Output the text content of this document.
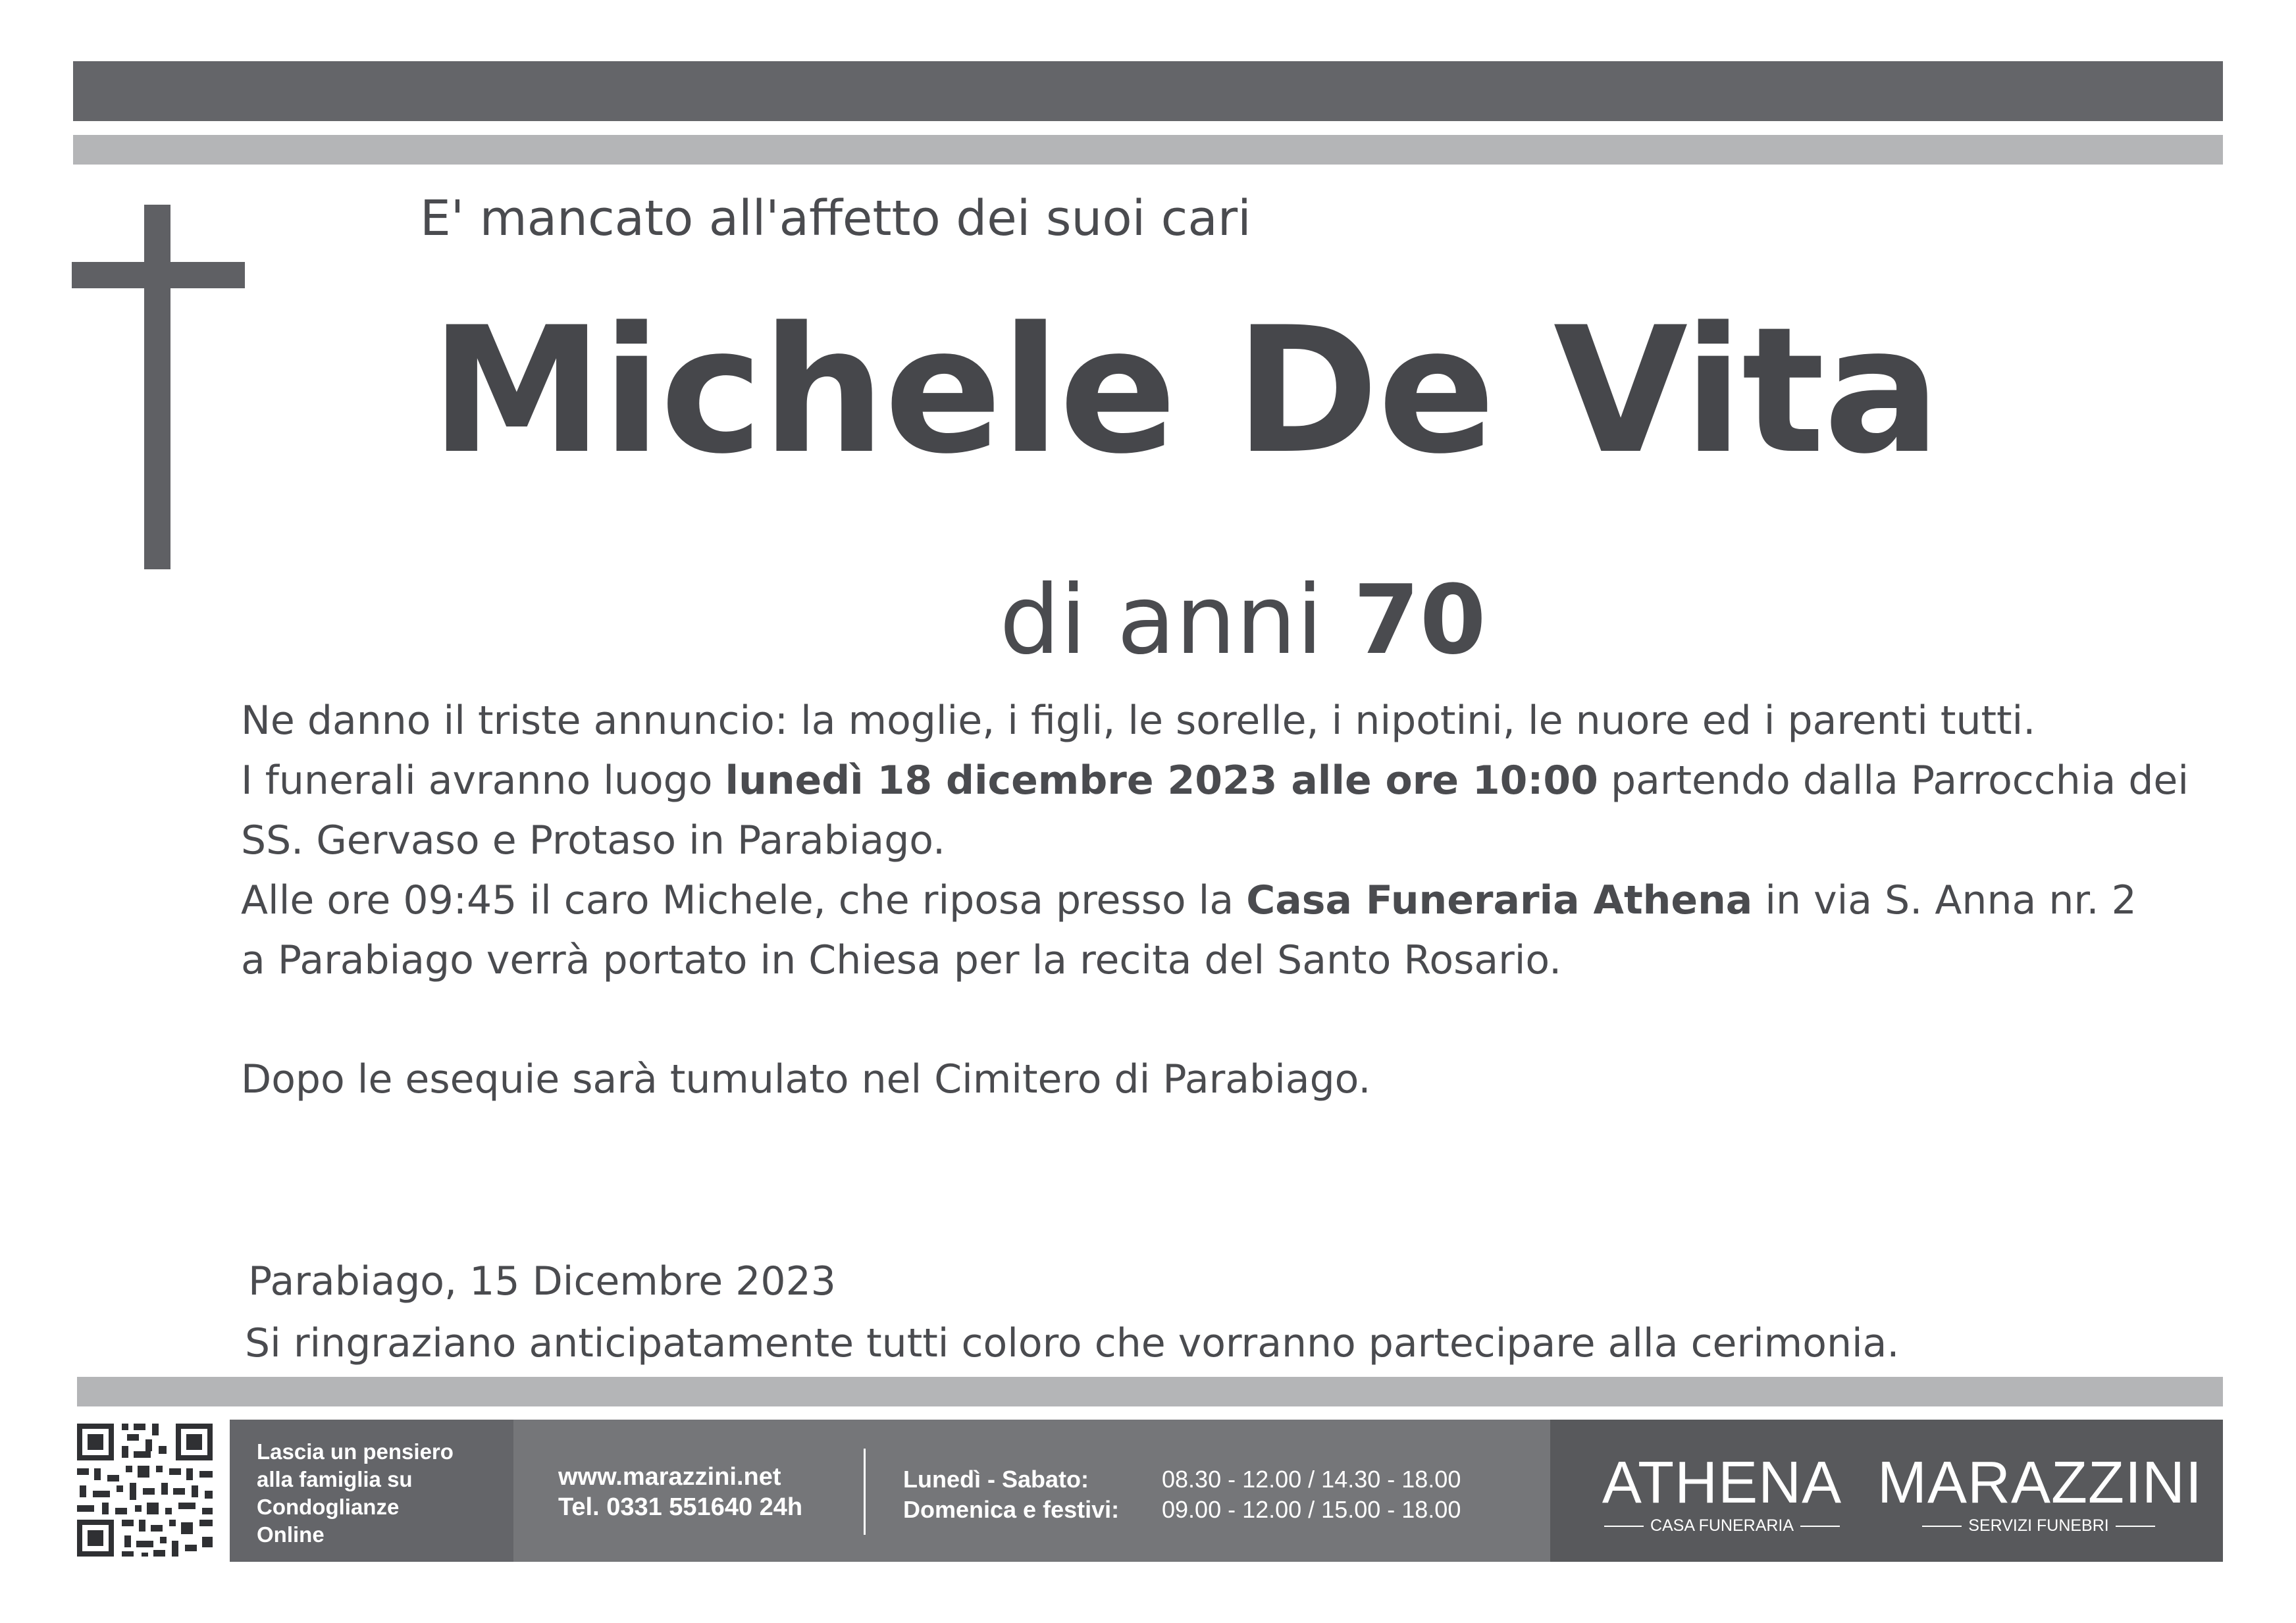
E' mancato all'affetto dei suoi cari
Michele De Vita
di anni 70
Ne danno il triste annuncio: la moglie, i figli, le sorelle, i nipotini, le nuore ed i parenti tutti.
I funerali avranno luogo lunedì 18 dicembre 2023 alle ore 10:00 partendo dalla Parrocchia dei
SS. Gervaso e Protaso in Parabiago.
Alle ore 09:45 il caro Michele, che riposa presso la Casa Funeraria Athena in via S. Anna nr. 2
a Parabiago verrà portato in Chiesa per la recita del Santo Rosario.
Dopo le esequie sarà tumulato nel Cimitero di Parabiago.
Parabiago, 15 Dicembre 2023
Si ringraziano anticipatamente tutti coloro che vorranno partecipare alla cerimonia.
Lascia un pensiero
alla famiglia su
Condoglianze
Online
www.marazzini.net
Tel. 0331 551640 24h
Lunedì - Sabato:
Domenica e festivi:
08.30 - 12.00 / 14.30 - 18.00
09.00 - 12.00 / 15.00 - 18.00 ATHENA
CASA FUNERARIA
MARAZZINI
SERVIZI FUNEBRI
